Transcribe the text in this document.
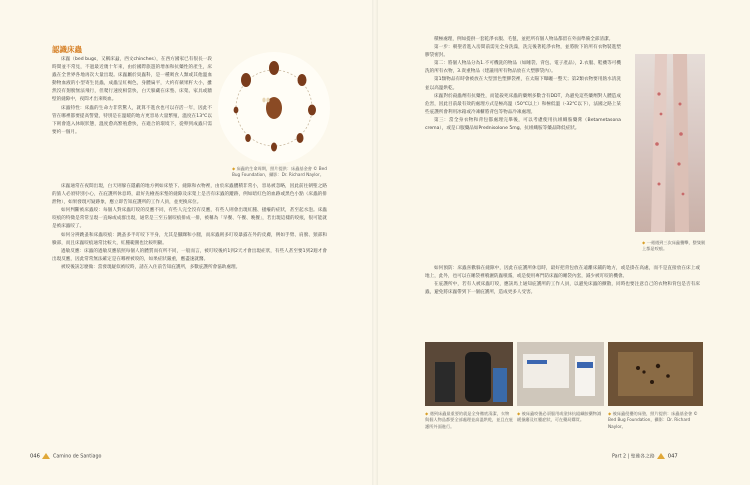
認識床蟲

床蟲（bed bugs，又稱床蝨，西文chinches），在西方國家已有很長一段時間並不常見，不過最近幾十年來，由於國際旅遊的增加和抗藥性的產生，床蟲在全世界各地再次大量出現。床蟲屬於臭蟲科，是一種吸食人類或其他溫血動物血液的小型寄生昆蟲，成蟲呈紅褐色，身體扁平，大約有蘋果籽大小，雖然沒有翅膀無法飛行，但爬行速度相當快，白天躲藏在床墊、床架、家具或牆壁的縫隙中，夜間才出來吸血。

床蟲特性：床蟲的生命力非常驚人，就算不進食也可以存活一年，因此不管在哪裡都要提高警覺，特別是在溫暖的地方更容易大量繁殖，溫度在13℃以下則會進入休眠狀態，溫度愈高繁殖愈快，在適合的環境下，從卵到成蟲只需要約一個月。

◆ 床蟲的生命周期，照片提供：床蟲基金會 © Bed Bug Foundation，攝影：Dr. Richard Naylor。

床蟲通常在夜間出現，白天則躲在隱蔽的地方例如床墊下、縫隙和衣物裡，由於床蟲體積非常小，容易被忽略，因此前往朝聖之路的旅人必須特別小心，在庇護所休息時，最好先檢查床墊的縫隙及床架上是否有床蟲的蹤跡，例如暗紅色的血跡或黑色小點（床蟲的排泄物），如果發現可疑跡象，應立即告知庇護所的工作人員，並更換床位。

如何判斷被床蟲咬：每個人對床蟲叮咬的反應不同，有些人完全沒有反應，有些人則會出現紅腫、搔癢的症狀，甚至起水泡。床蟲咬痕的特徵是常常呈現一直線或成群出現，通常是三至五個咬痕排成一排，被稱為「早餐、午餐、晚餐」，若出現這樣的咬痕，很可能就是被床蟲咬了。

如何分辨跳蚤和床蟲咬痕：跳蚤多半叮咬下半身，尤其是腳踝和小腿，而床蟲則多叮咬暴露在外的皮膚，例如手臂、肩膀、頸部和臉部，而且床蟲咬痕通常比較大，紅腫範圍也比較明顯。

過敏反應：床蟲的過敏反應依照每個人的體質而有所不同，一般而言，被叮咬後約1到2天才會出現症狀，有些人甚至要1到2週才會出現反應，因此常常無法確定是在哪裡被咬的，如果症狀嚴重，應盡速就醫。

被咬後該怎麼做：當發現疑似被咬時，請在入住前告知庇護所，多數庇護所會協助處理。

046	Camino de Santiago

積極處理，例如提供一套乾淨衣服、毛毯，並把所有個人物品都留在外面準備全部清潔。

第一步：朝聖者進入房間前需先全身洗澡，洗完後著乾淨衣物，並將脫下的所有衣物裝進塑膠袋密封。

第二：將個人物品分為1.不可機洗的物品（如睡袋、背包、電子產品），2.衣服、鞋襪等可機洗的所有衣物，3.貴重物品（建議用所有物品放在大塑膠袋內）。

第1類物品有時會被放在大型黑色塑膠袋裡，在太陽下曝曬一整天；第2類衣物要用熱水清洗並以高溫烘乾。

床蟲對於殺蟲劑有抗藥性，而能殺死床蟲的藥劑多數含有DDT，為避免這些藥劑對人體造成危害，因此目前最有效的處理方式是極高溫（50℃以上）和極低溫（-32℃以下），法國之路上某些庇護所會利用冰箱或冷凍櫃將背包等物品冷凍處理。

第三：當全身衣物和背包都處理完畢後，可以考慮使用抗組織胺藥膏（Betametasona crema），或是口服藥品如Prednisolone 5mg、抗組織胺等藥品降低症狀。

◆ 一週遇到三次床蟲襲擊，整隻腿上都是咬痕。

如何預防：床蟲喜歡躲在縫隙中，因此在庇護所休息時，最好把背包放在遠離床鋪的地方，或是掛在高處，而不是直接放在床上或地上，此外，也可以在睡袋裡噴灑防蟲噴霧，或是使用專門防床蟲的睡袋內套，減少被叮咬的機會。

在庇護所中，若有人被床蟲叮咬，應該馬上通知庇護所的工作人員，以避免床蟲的擴散，同時也要注意自己的衣物和背包是否有床蟲，避免將床蟲帶到下一個庇護所，造成更多人受害。

◆ 遇到床蟲最重要的就是全身徹底清潔，衣物與個人物品都要全部處理並高溫烘乾，並且在庇護所外面進行。
◆ 被床蟲咬後必須服用或塗抹抗組織胺藥物減緩搔癢及紅腫症狀，可在藥局購買。
◆ 被床蟲侵擾的床墊，照片提供：床蟲基金會 © Bed Bug Foundation，攝影：Dr. Richard Naylor。
Part 2 | 聖雅各之路	047
